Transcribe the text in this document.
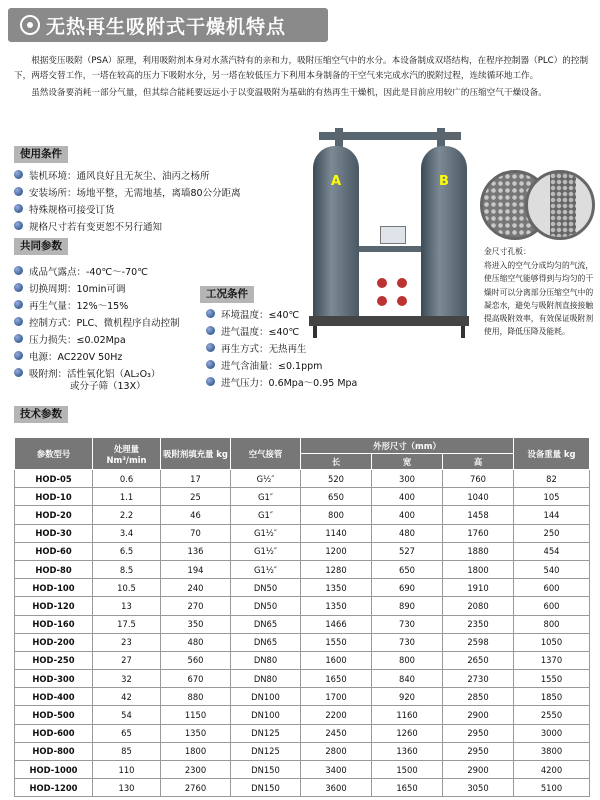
无热再生吸附式干燥机特点

根据变压吸附（PSA）原理，利用吸附剂本身对水蒸汽特有的亲和力，吸附压缩空气中的水分。本设备制成双塔结构，在程序控制器（PLC）的控制下，两塔交替工作，一塔在较高的压力下吸附水分，另一塔在较低压力下利用本身制备的干空气来完成水汽的脱附过程，连续循环地工作。

虽然设备要消耗一部分气量，但其综合能耗要远远小于以变温吸附为基础的有热再生干燥机，因此是目前应用较广的压缩空气干燥设备。

使用条件
装机环境：通风良好且无灰尘、油丙之杨所
安装场所：场地平整，无需地基，离墙80公分距离
特殊规格可接受订货
规格尺寸若有变更恕不另行通知
共同参数
成品气露点：-40℃～-70℃
切换周期：10min可调
再生气量：12%～15%
控制方式：PLC、微机程序自动控制
压力损失：≤0.02Mpa
电源：AC220V 50Hz
吸附剂：活性氧化铝（AL₂O₃）
或分子筛（13X）
A	B

金尺寸孔板：

将进入的空气分成均匀的气流，使压缩空气能够得到与均匀的干燥时可以分离部分压缩空气中的凝恋水，避免与吸附剂直接接触提高吸附效率，有效保证吸附剂使用，降低压降及能耗。

工况条件
环境温度：≤40℃
进气温度：≤40℃
再生方式：无热再生
进气含油量：≤0.1ppm
进气压力：0.6Mpa～0.95 Mpa
技术参数
参数型号	处理量 Nm³/min	吸附剂填充量 kg	空气接管	外形尺寸（mm）			设备重量 kg
				长	宽	高	
HOD-05	0.6	17	G½″	520	300	760	82
HOD-10	1.1	25	G1″	650	400	1040	105
HOD-20	2.2	46	G1″	800	400	1458	144
HOD-30	3.4	70	G1½″	1140	480	1760	250
HOD-60	6.5	136	G1½″	1200	527	1880	454
HOD-80	8.5	194	G1½″	1280	650	1800	540
HOD-100	10.5	240	DN50	1350	690	1910	600
HOD-120	13	270	DN50	1350	890	2080	600
HOD-160	17.5	350	DN65	1466	730	2350	800
HOD-200	23	480	DN65	1550	730	2598	1050
HOD-250	27	560	DN80	1600	800	2650	1370
HOD-300	32	670	DN80	1650	840	2730	1550
HOD-400	42	880	DN100	1700	920	2850	1850
HOD-500	54	1150	DN100	2200	1160	2900	2550
HOD-600	65	1350	DN125	2450	1260	2950	3000
HOD-800	85	1800	DN125	2800	1360	2950	3800
HOD-1000	110	2300	DN150	3400	1500	2900	4200
HOD-1200	130	2760	DN150	3600	1650	3050	5100
